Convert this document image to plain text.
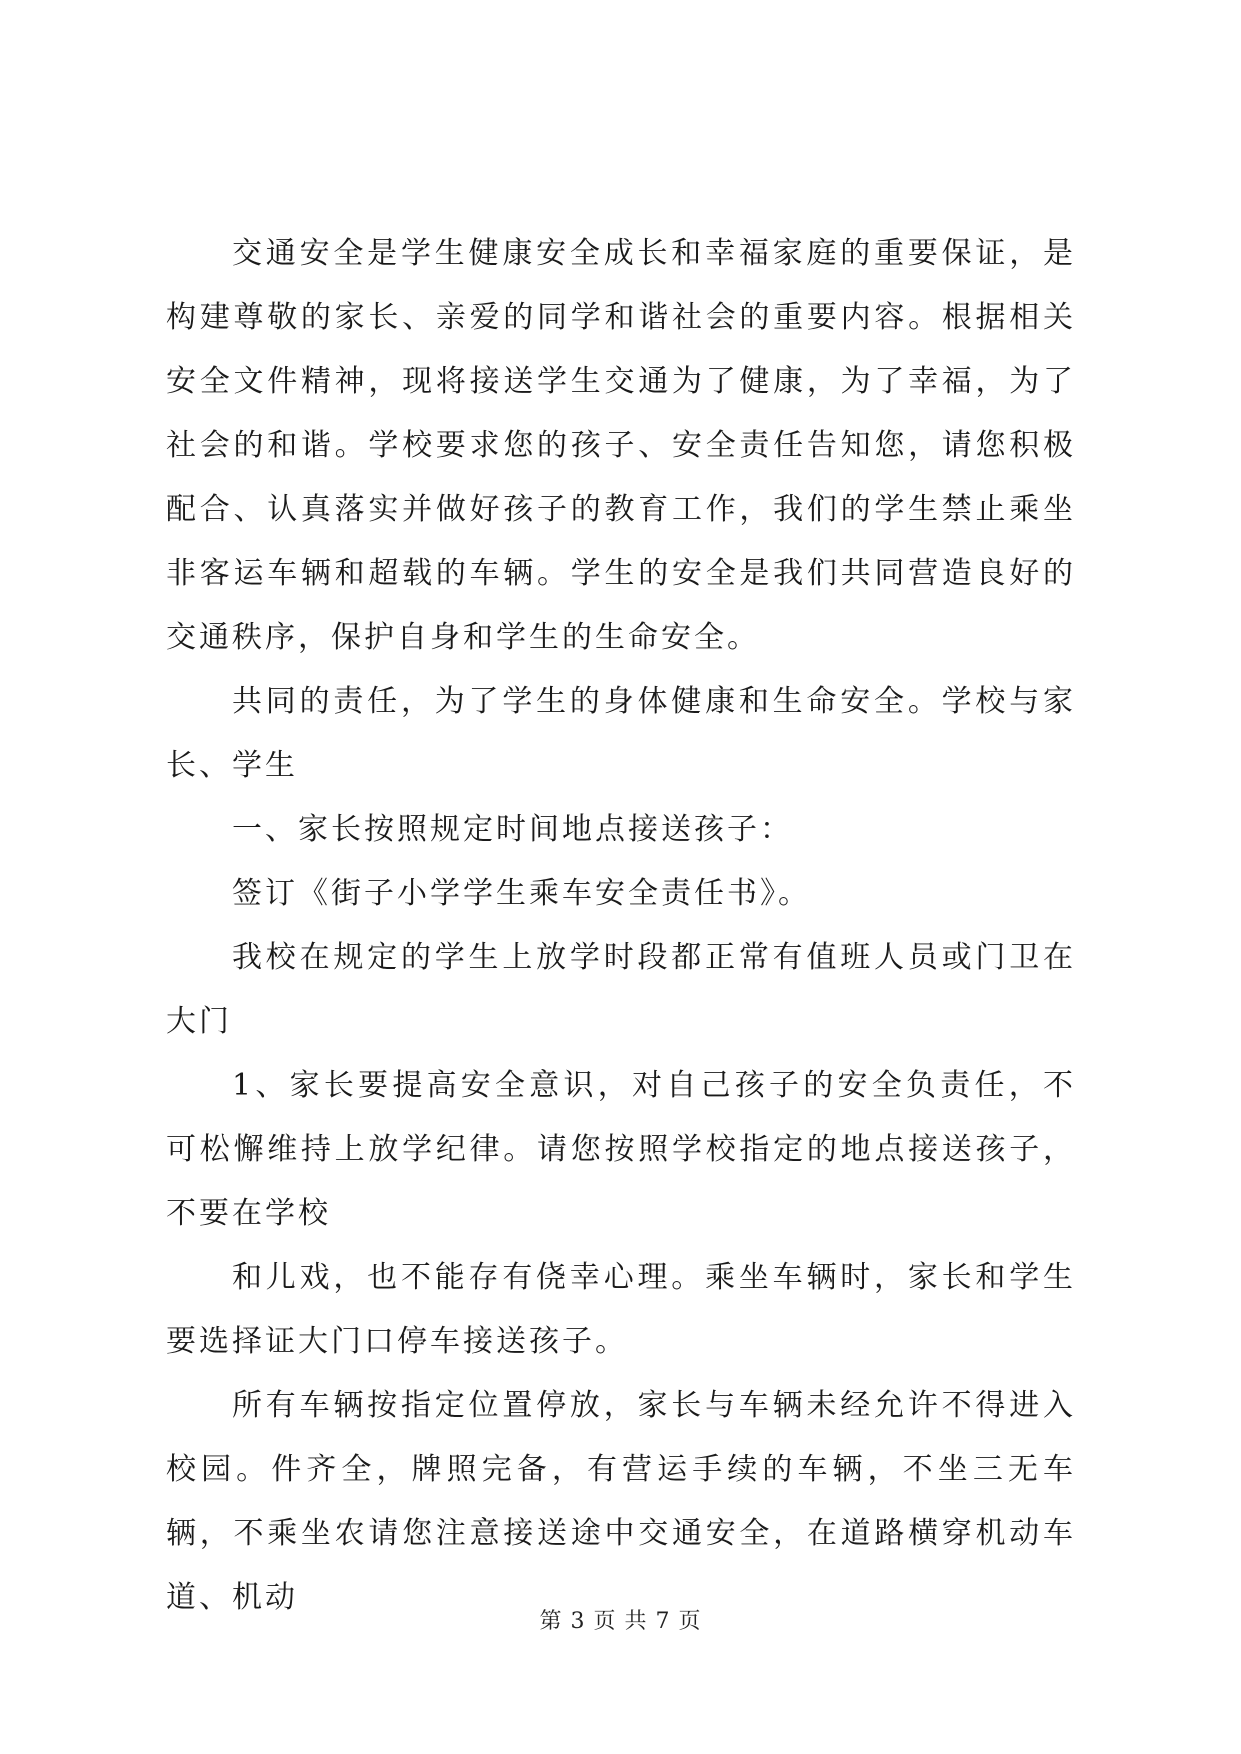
交通安全是学生健康安全成长和幸福家庭的重要保证，是构建尊敬的家长、亲爱的同学和谐社会的重要内容。根据相关安全文件精神，现将接送学生交通为了健康，为了幸福，为了社会的和谐。学校要求您的孩子、安全责任告知您，请您积极配合、认真落实并做好孩子的教育工作，我们的学生禁止乘坐非客运车辆和超载的车辆。学生的安全是我们共同营造良好的交通秩序，保护自身和学生的生命安全。

共同的责任，为了学生的身体健康和生命安全。学校与家长、学生

一、家长按照规定时间地点接送孩子：

签订《街子小学学生乘车安全责任书》。

我校在规定的学生上放学时段都正常有值班人员或门卫在大门

1、家长要提高安全意识，对自己孩子的安全负责任，不可松懈维持上放学纪律。请您按照学校指定的地点接送孩子，不要在学校

和儿戏，也不能存有侥幸心理。乘坐车辆时，家长和学生要选择证大门口停车接送孩子。

所有车辆按指定位置停放，家长与车辆未经允许不得进入校园。件齐全，牌照完备，有营运手续的车辆，不坐三无车辆，不乘坐农请您注意接送途中交通安全，在道路横穿机动车道、机动

第 3 页 共 7 页
